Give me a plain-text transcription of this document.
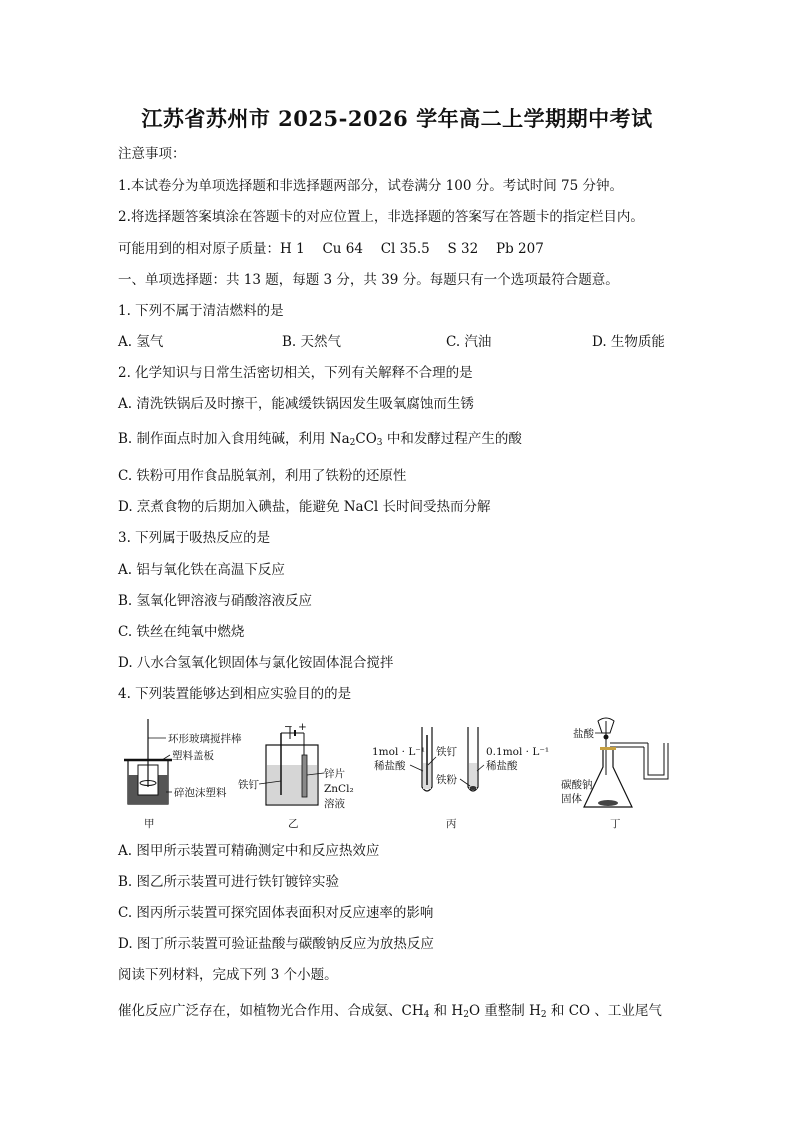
江苏省苏州市 2025-2026 学年高二上学期期中考试
注意事项：
1.本试卷分为单项选择题和非选择题两部分，试卷满分 100 分。考试时间 75 分钟。
2.将选择题答案填涂在答题卡的对应位置上，非选择题的答案写在答题卡的指定栏目内。
可能用到的相对原子质量：H 1　 Cu 64　 Cl 35.5　 S 32　 Pb 207
一、单项选择题：共 13 题，每题 3 分，共 39 分。每题只有一个选项最符合题意。
1. 下列不属于清洁燃料的是
A. 氢气	B. 天然气	C. 汽油	D. 生物质能
2. 化学知识与日常生活密切相关，下列有关解释不合理的是
A. 清洗铁锅后及时擦干，能减缓铁锅因发生吸氧腐蚀而生锈
B. 制作面点时加入食用纯碱，利用 $Na_2CO_3$ 中和发酵过程产生的酸
C. 铁粉可用作食品脱氧剂，利用了铁粉的还原性
D. 烹煮食物的后期加入碘盐，能避免 NaCl 长时间受热而分解
3. 下列属于吸热反应的是
A. 铝与氧化铁在高温下反应
B. 氢氧化钾溶液与硝酸溶液反应
C. 铁丝在纯氧中燃烧
D. 八水合氢氧化钡固体与氯化铵固体混合搅拌
4. 下列装置能够达到相应实验目的的是
环形玻璃搅拌棒
塑料盖板
碎泡沫塑料
− +
铁钉
锌片
ZnCl₂
溶液
1mol · L⁻¹
稀盐酸
铁钉
铁粉
0.1mol · L⁻¹
稀盐酸
盐酸
碳酸钠
固体
甲	乙	丙	丁
A. 图甲所示装置可精确测定中和反应热效应
B. 图乙所示装置可进行铁钉镀锌实验
C. 图丙所示装置可探究固体表面积对反应速率的影响
D. 图丁所示装置可验证盐酸与碳酸钠反应为放热反应
阅读下列材料，完成下列 3 个小题。
催化反应广泛存在，如植物光合作用、合成氨、$CH_4$ 和 $H_2O$ 重整制 $H_2$ 和 CO 、工业尾气
